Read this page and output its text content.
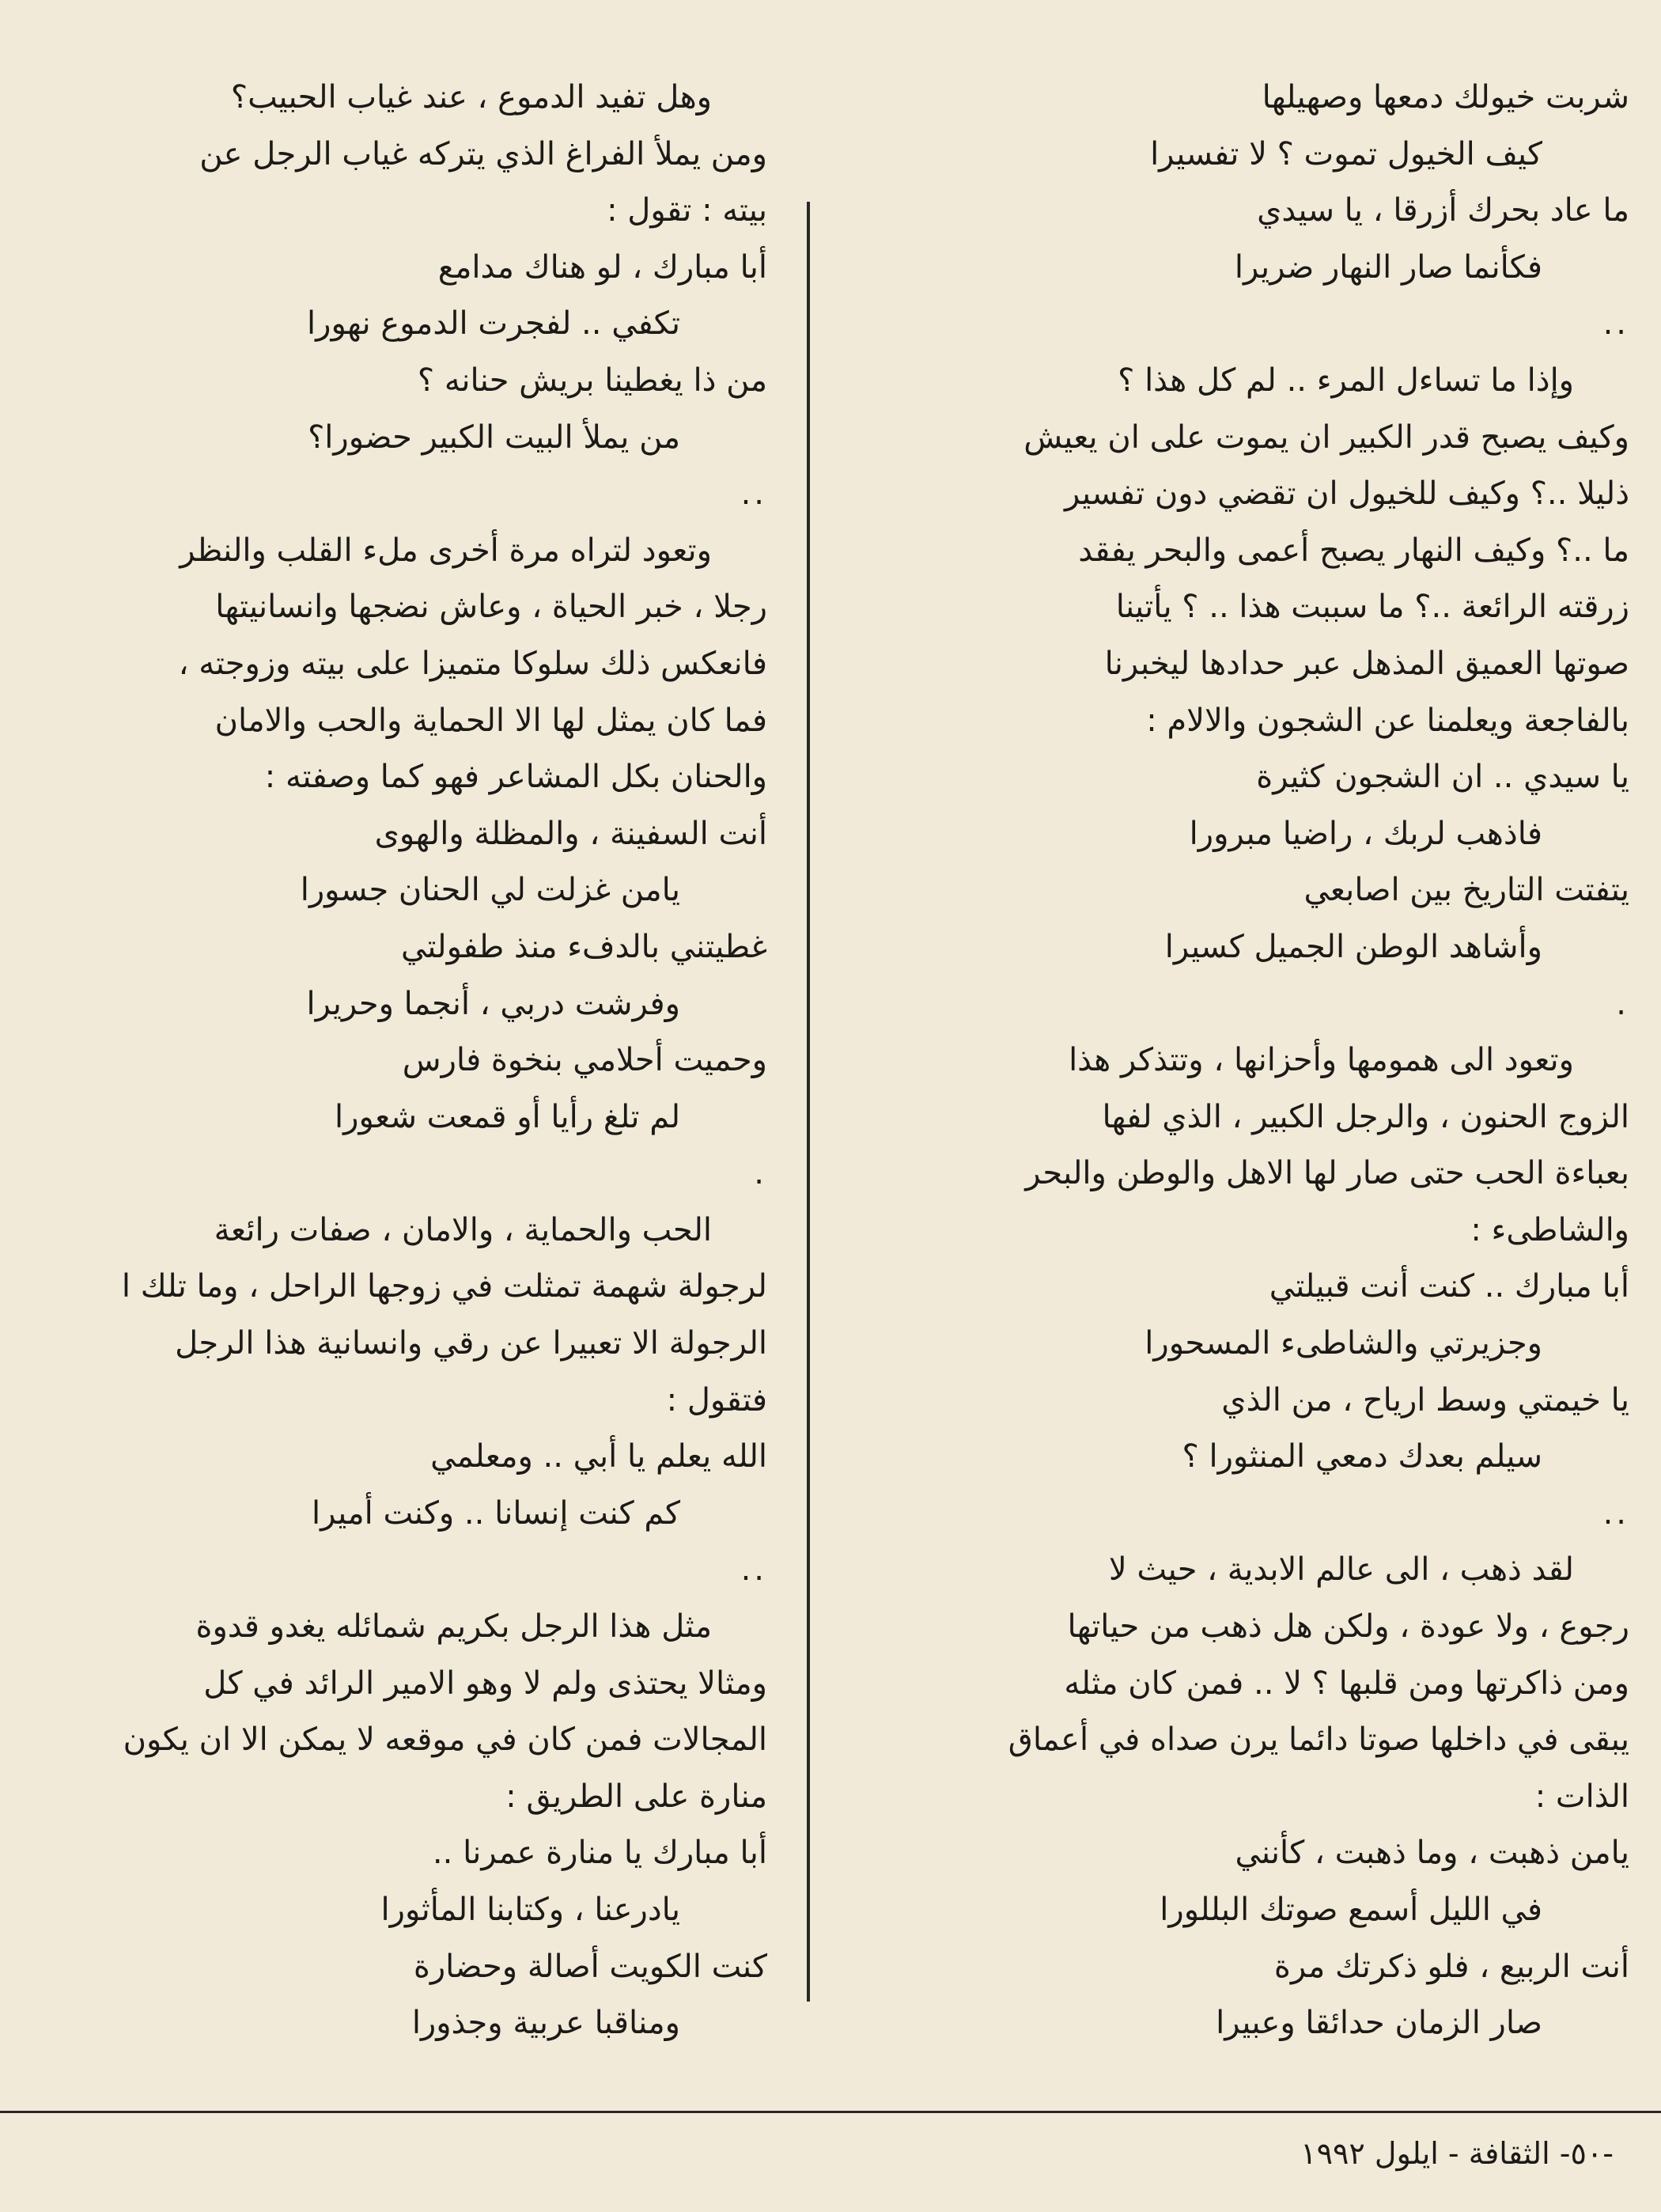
شربت خيولك دمعها وصهيلها
كيف الخيول تموت ؟ لا تفسيرا
ما عاد بحرك أزرقا ، يا سيدي
فكأنما صار النهار ضريرا
..
وإذا ما تساءل المرء .. لم كل هذا ؟
وكيف يصبح قدر الكبير ان يموت على ان يعيش
ذليلا ..؟ وكيف للخيول ان تقضي دون تفسير
ما ..؟ وكيف النهار يصبح أعمى والبحر يفقد
زرقته الرائعة ..؟ ما سببت هذا .. ؟ يأتينا
صوتها العميق المذهل عبر حدادها ليخبرنا
بالفاجعة ويعلمنا عن الشجون والالام :
يا سيدي .. ان الشجون كثيرة
فاذهب لربك ، راضيا مبرورا
يتفتت التاريخ بين اصابعي
وأشاهد الوطن الجميل كسيرا
.
وتعود الى همومها وأحزانها ، وتتذكر هذا
الزوج الحنون ، والرجل الكبير ، الذي لفها
بعباءة الحب حتى صار لها الاهل والوطن والبحر
والشاطىء :
أبا مبارك .. كنت أنت قبيلتي
وجزيرتي والشاطىء المسحورا
يا خيمتي وسط ارياح ، من الذي
سيلم بعدك دمعي المنثورا ؟
..
لقد ذهب ، الى عالم الابدية ، حيث لا
رجوع ، ولا عودة ، ولكن هل ذهب من حياتها
ومن ذاكرتها ومن قلبها ؟ لا .. فمن كان مثله
يبقى في داخلها صوتا دائما يرن صداه في أعماق
الذات :
يامن ذهبت ، وما ذهبت ، كأنني
في الليل أسمع صوتك البللورا
أنت الربيع ، فلو ذكرتك مرة
صار الزمان حدائقا وعبيرا
وهل تفيد الدموع ، عند غياب الحبيب؟
ومن يملأ الفراغ الذي يتركه غياب الرجل عن
بيته : تقول :
أبا مبارك ، لو هناك مدامع
تكفي .. لفجرت الدموع نهورا
من ذا يغطينا بريش حنانه ؟
من يملأ البيت الكبير حضورا؟
..
وتعود لتراه مرة أخرى ملء القلب والنظر
رجلا ، خبر الحياة ، وعاش نضجها وانسانيتها
فانعكس ذلك سلوكا متميزا على بيته وزوجته ،
فما كان يمثل لها الا الحماية والحب والامان
والحنان بكل المشاعر فهو كما وصفته :
أنت السفينة ، والمظلة والهوى
يامن غزلت لي الحنان جسورا
غطيتني بالدفء منذ طفولتي
وفرشت دربي ، أنجما وحريرا
وحميت أحلامي بنخوة فارس
لم تلغ رأيا أو قمعت شعورا
.
الحب والحماية ، والامان ، صفات رائعة
لرجولة شهمة تمثلت في زوجها الراحل ، وما تلك ا
الرجولة الا تعبيرا عن رقي وانسانية هذا الرجل
فتقول :
الله يعلم يا أبي .. ومعلمي
كم كنت إنسانا .. وكنت أميرا
..
مثل هذا الرجل بكريم شمائله يغدو قدوة
ومثالا يحتذى ولم لا وهو الامير الرائد في كل
المجالات فمن كان في موقعه لا يمكن الا ان يكون
منارة على الطريق :
أبا مبارك يا منارة عمرنا ..
يادرعنا ، وكتابنا المأثورا
كنت الكويت أصالة وحضارة
ومناقبا عربية وجذورا
-٥٠- الثقافة - ايلول ١٩٩٢
